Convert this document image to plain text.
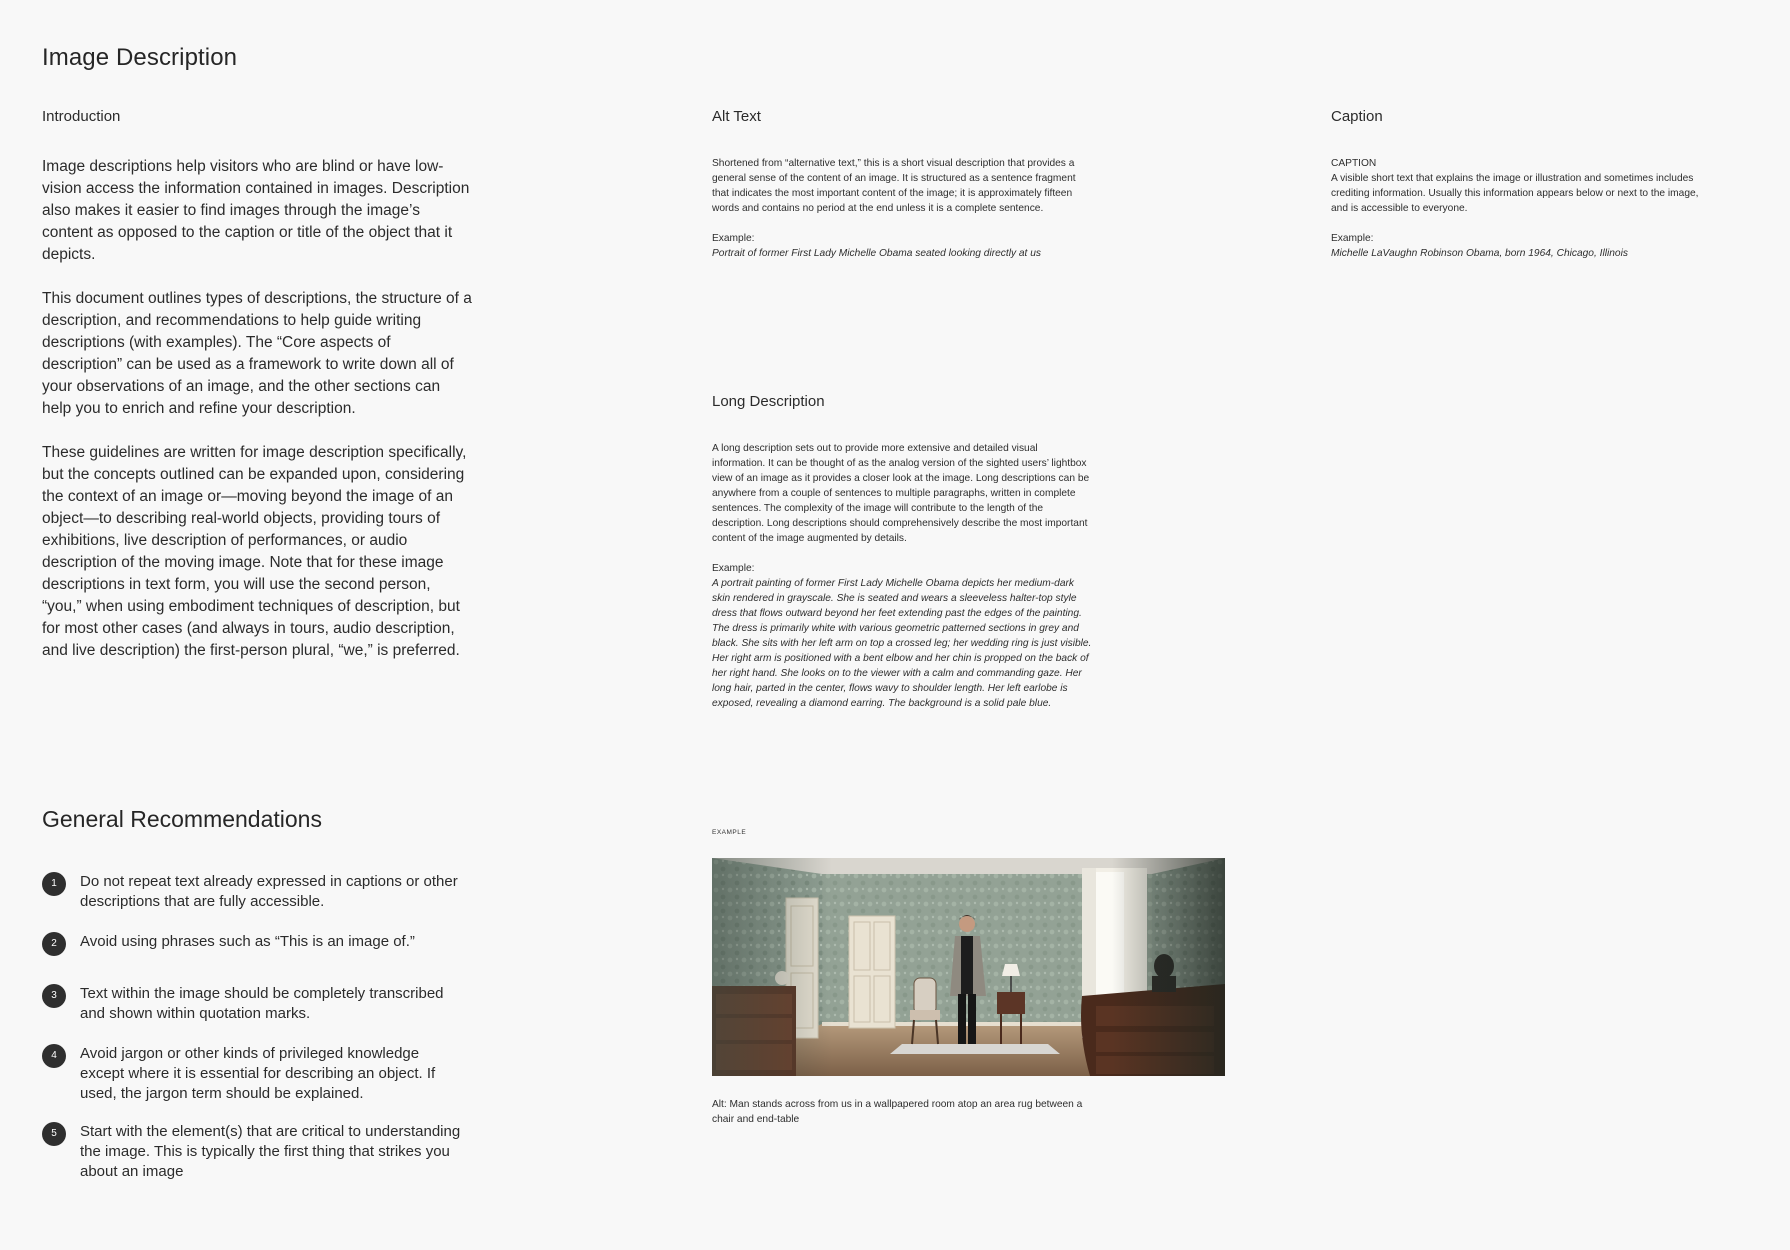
Image Description
Introduction

Image descriptions help visitors who are blind or have low-vision access the information contained in images. Description also makes it easier to find images through the image’s content as opposed to the caption or title of the object that it depicts.

This document outlines types of descriptions, the structure of a description, and recommendations to help guide writing descriptions (with examples). The “Core aspects of description” can be used as a framework to write down all of your observations of an image, and the other sections can help you to enrich and refine your description.

These guidelines are written for image description specifically, but the concepts outlined can be expanded upon, considering the context of an image or—moving beyond the image of an object—to describing real-world objects, providing tours of exhibitions, live description of performances, or audio description of the moving image. Note that for these image descriptions in text form, you will use the second person, “you,” when using embodiment techniques of description, but for most other cases (and always in tours, audio description, and live description) the first-person plural, “we,” is preferred.

Alt Text

Shortened from “alternative text,” this is a short visual description that provides a general sense of the content of an image. It is structured as a sentence fragment that indicates the most important content of the image; it is approximately fifteen words and contains no period at the end unless it is a complete sentence.

Example:

Portrait of former First Lady Michelle Obama seated looking directly at us

Caption

CAPTION

A visible short text that explains the image or illustration and sometimes includes crediting information. Usually this information appears below or next to the image, and is accessible to everyone.

Example:

Michelle LaVaughn Robinson Obama, born 1964, Chicago, Illinois

Long Description

A long description sets out to provide more extensive and detailed visual information. It can be thought of as the analog version of the sighted users’ lightbox view of an image as it provides a closer look at the image. Long descriptions can be anywhere from a couple of sentences to multiple paragraphs, written in complete sentences. The complexity of the image will contribute to the length of the description. Long descriptions should comprehensively describe the most important content of the image augmented by details.

Example:

A portrait painting of former First Lady Michelle Obama depicts her medium-dark skin rendered in grayscale. She is seated and wears a sleeveless halter-top style dress that flows outward beyond her feet extending past the edges of the painting. The dress is primarily white with various geometric patterned sections in grey and black. She sits with her left arm on top a crossed leg; her wedding ring is just visible. Her right arm is positioned with a bent elbow and her chin is propped on the back of her right hand. She looks on to the viewer with a calm and commanding gaze. Her long hair, parted in the center, flows wavy to shoulder length. Her left earlobe is exposed, revealing a diamond earring. The background is a solid pale blue.

General Recommendations
1	Do not repeat text already expressed in captions or other descriptions that are fully accessible.
2	Avoid using phrases such as “This is an image of.”
3	Text within the image should be completely transcribed and shown within quotation marks.
4	Avoid jargon or other kinds of privileged knowledge except where it is essential for describing an object. If used, the jargon term should be explained.
5	Start with the element(s) that are critical to understanding the image. This is typically the first thing that strikes you about an image

EXAMPLE

Alt: Man stands across from us in a wallpapered room atop an area rug between a chair and end-table
